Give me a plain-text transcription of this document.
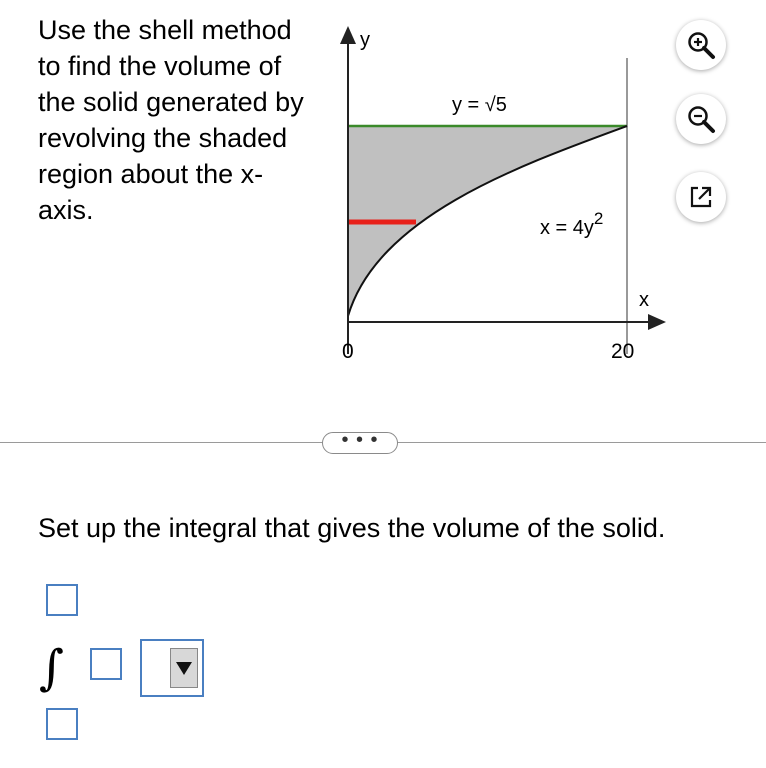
Use the shell method to find the volume of the solid generated by revolving the shaded region about the x-axis.

y
x
0	20
y = √5
$x = 4y^2$
• • •

Set up the integral that gives the volume of the solid.

∫
